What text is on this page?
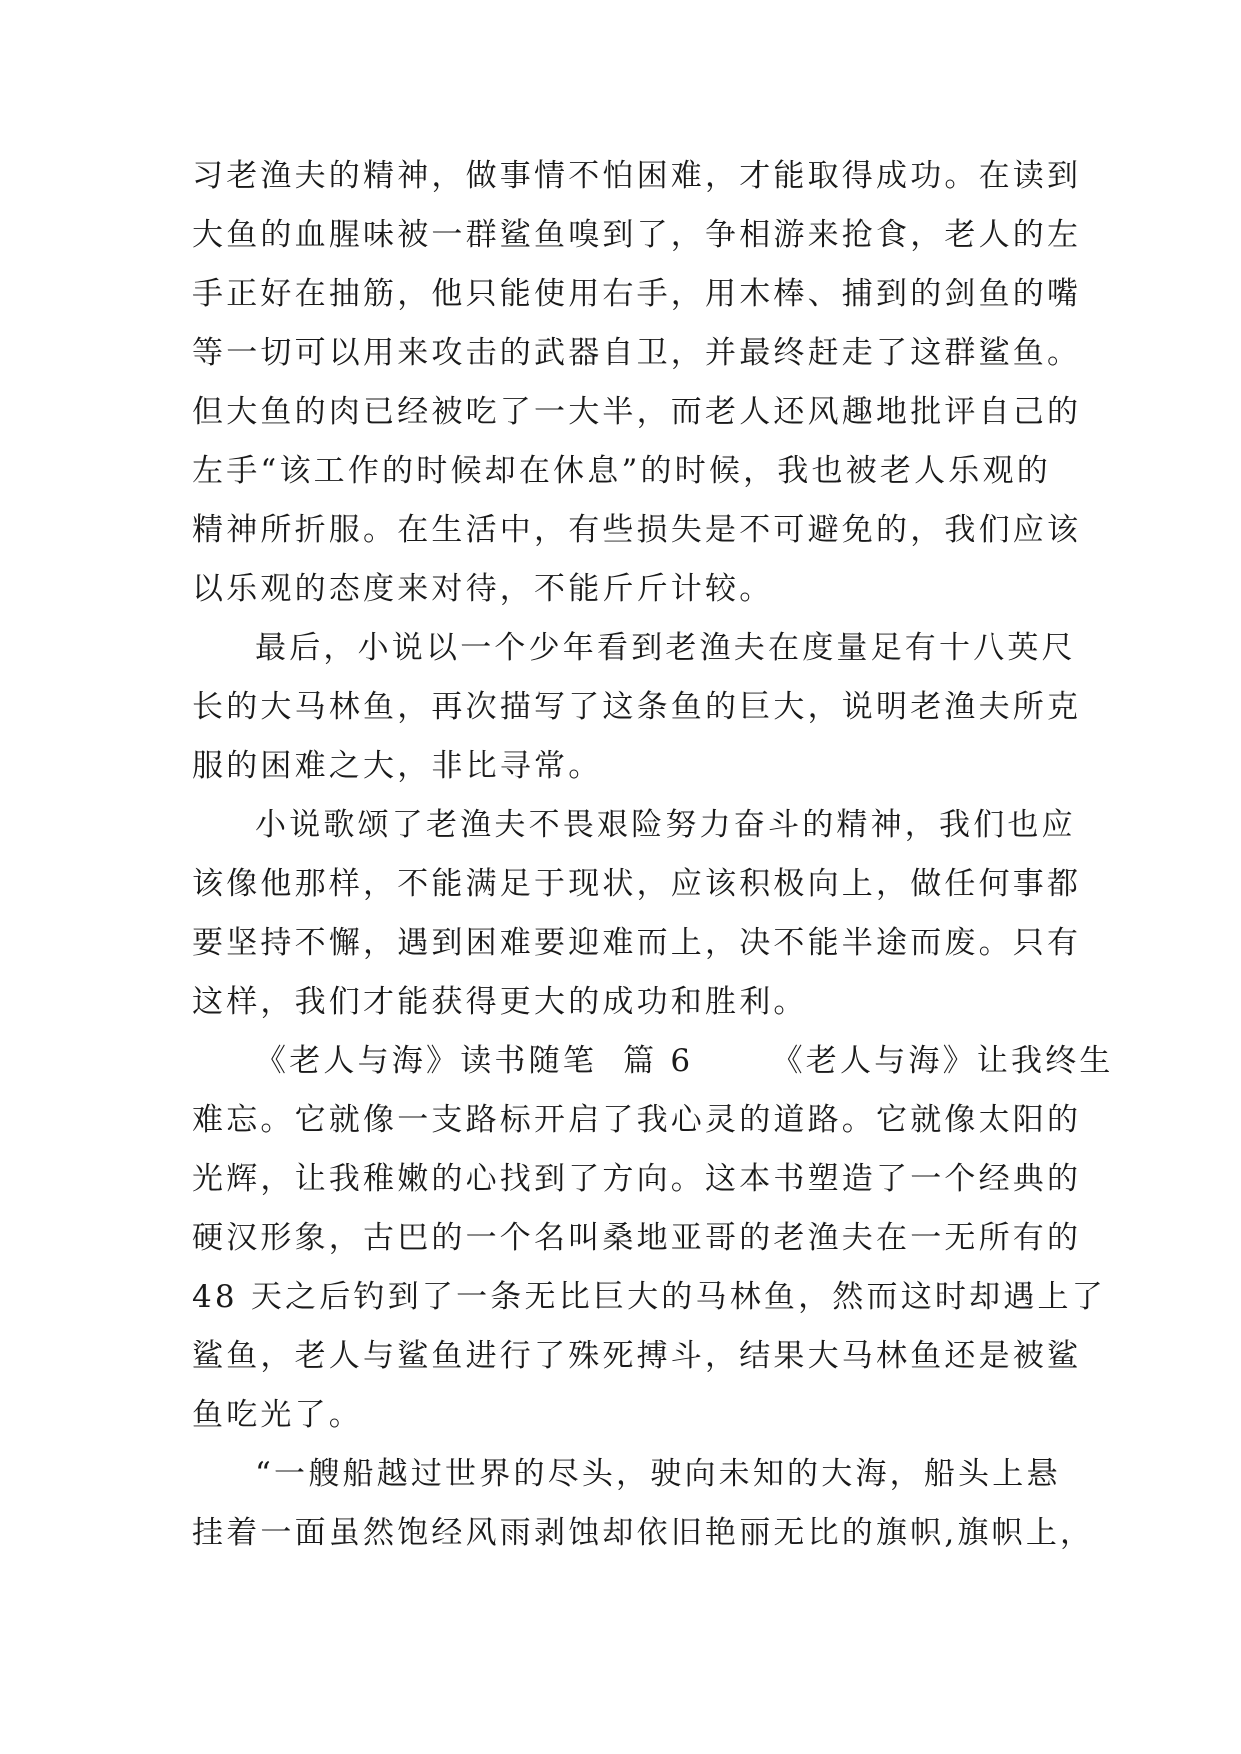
习老渔夫的精神，做事情不怕困难，才能取得成功。在读到
大鱼的血腥味被一群鲨鱼嗅到了，争相游来抢食，老人的左
手正好在抽筋，他只能使用右手，用木棒、捕到的剑鱼的嘴
等一切可以用来攻击的武器自卫，并最终赶走了这群鲨鱼。
但大鱼的肉已经被吃了一大半，而老人还风趣地批评自己的
左手“该工作的时候却在休息”的时候，我也被老人乐观的
精神所折服。在生活中，有些损失是不可避免的，我们应该
以乐观的态度来对待，不能斤斤计较。
最后，小说以一个少年看到老渔夫在度量足有十八英尺
长的大马林鱼，再次描写了这条鱼的巨大，说明老渔夫所克
服的困难之大，非比寻常。
小说歌颂了老渔夫不畏艰险努力奋斗的精神，我们也应
该像他那样，不能满足于现状，应该积极向上，做任何事都
要坚持不懈，遇到困难要迎难而上，决不能半途而废。只有
这样，我们才能获得更大的成功和胜利。
《老人与海》读书随笔  篇 6      《老人与海》让我终生
难忘。它就像一支路标开启了我心灵的道路。它就像太阳的
光辉，让我稚嫩的心找到了方向。这本书塑造了一个经典的
硬汉形象，古巴的一个名叫桑地亚哥的老渔夫在一无所有的
48 天之后钓到了一条无比巨大的马林鱼，然而这时却遇上了
鲨鱼，老人与鲨鱼进行了殊死搏斗，结果大马林鱼还是被鲨
鱼吃光了。
“一艘船越过世界的尽头，驶向未知的大海，船头上悬
挂着一面虽然饱经风雨剥蚀却依旧艳丽无比的旗帜,旗帜上，
